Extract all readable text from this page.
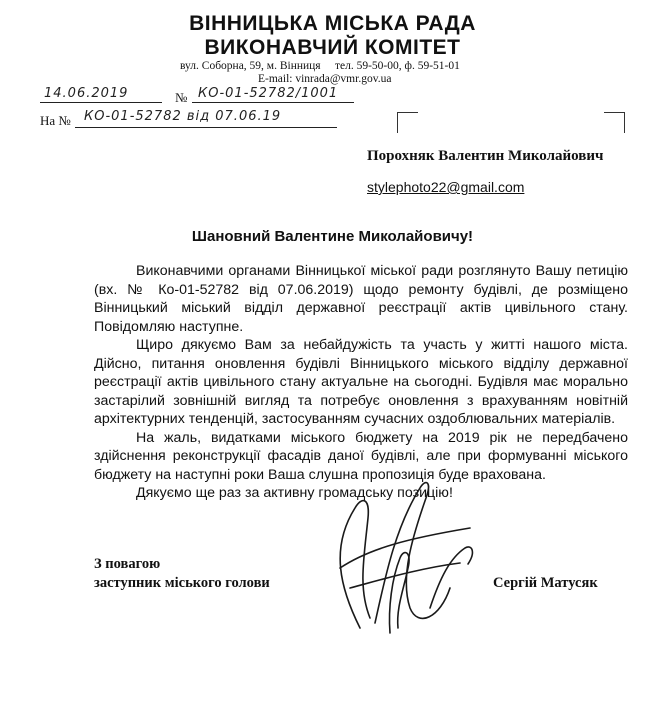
ВІННИЦЬКА МІСЬКА РАДА
ВИКОНАВЧИЙ КОМІТЕТ
вул. Соборна, 59, м. Вінниця     тел. 59-50-00, ф. 59-51-01
E-mail: vinrada@vmr.gov.ua
14.06.2019	№ КО-01-52782/1001
На № КО-01-52782 від 07.06.19
Порохняк Валентин Миколайович
stylephoto22@gmail.com
Шановний Валентине Миколайовичу!

Виконавчими органами Вінницької міської ради розглянуто Вашу петицію (вх. № Ко-01-52782 від 07.06.2019) щодо ремонту будівлі, де розміщено Вінницький міський відділ державної реєстрації актів цивільного стану. Повідомляю наступне.

Щиро дякуємо Вам за небайдужість та участь у житті нашого міста. Дійсно, питання оновлення будівлі Вінницького міського відділу державної реєстрації актів цивільного стану актуальне на сьогодні. Будівля має морально застарілий зовнішній вигляд та потребує оновлення з врахуванням новітній архітектурних тенденцій, застосуванням сучасних оздоблювальних матеріалів.

На жаль, видатками міського бюджету на 2019 рік не передбачено здійснення реконструкції фасадів даної будівлі, але при формуванні міського бюджету на наступні роки Ваша слушна пропозиція буде врахована.

Дякуємо ще раз за активну громадську позицію!

З повагою
заступник міського голови	Сергій Матусяк
